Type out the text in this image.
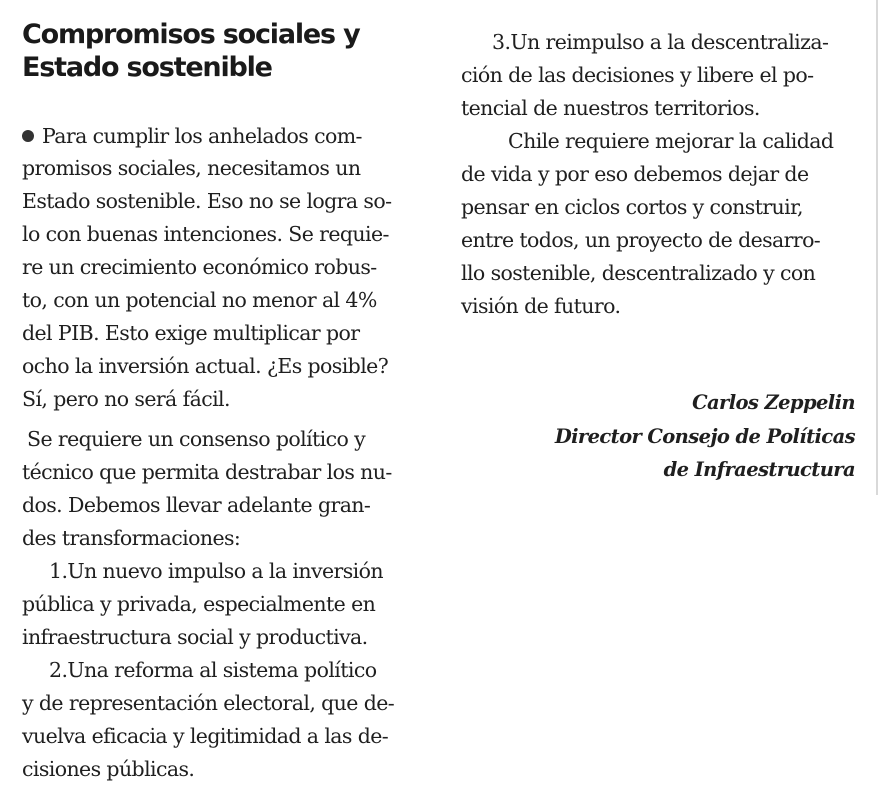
Compromisos sociales y
Estado sostenible
Para cumplir los anhelados com-
promisos sociales, necesitamos un
Estado sostenible. Eso no se logra so-
lo con buenas intenciones. Se requie-
re un crecimiento económico robus-
to, con un potencial no menor al 4%
del PIB. Esto exige multiplicar por
ocho la inversión actual. ¿Es posible?
Sí, pero no será fácil.
Se requiere un consenso político y
técnico que permita destrabar los nu-
dos. Debemos llevar adelante gran-
des transformaciones:
1.Un nuevo impulso a la inversión
pública y privada, especialmente en
infraestructura social y productiva.
2.Una reforma al sistema político
y de representación electoral, que de-
vuelva eficacia y legitimidad a las de-
cisiones públicas.
3.Un reimpulso a la descentraliza-
ción de las decisiones y libere el po-
tencial de nuestros territorios.
Chile requiere mejorar la calidad
de vida y por eso debemos dejar de
pensar en ciclos cortos y construir,
entre todos, un proyecto de desarro-
llo sostenible, descentralizado y con
visión de futuro.
Carlos Zeppelin
Director Consejo de Políticas
de Infraestructura
